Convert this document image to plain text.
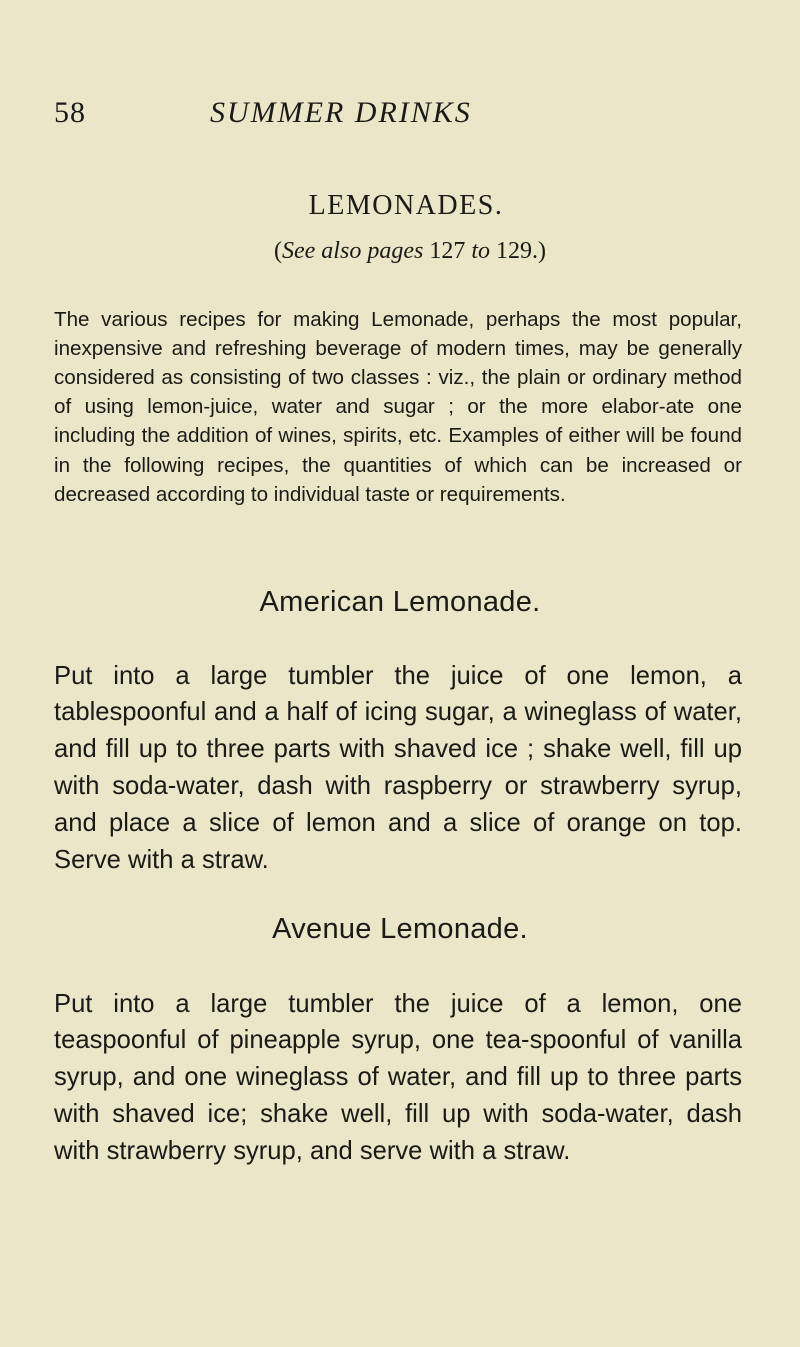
58	SUMMER DRINKS
LEMONADES.
(See also pages 127 to 129.)

The various recipes for making Lemonade, perhaps the most popular, inexpensive and refreshing beverage of modern times, may be generally considered as consisting of two classes : viz., the plain or ordinary method of using lemon-juice, water and sugar ; or the more elabor-ate one including the addition of wines, spirits, etc. Examples of either will be found in the following recipes, the quantities of which can be increased or decreased according to individual taste or requirements.

American Lemonade.

Put into a large tumbler the juice of one lemon, a tablespoonful and a half of icing sugar, a wineglass of water, and fill up to three parts with shaved ice ; shake well, fill up with soda-water, dash with raspberry or strawberry syrup, and place a slice of lemon and a slice of orange on top. Serve with a straw.

Avenue Lemonade.

Put into a large tumbler the juice of a lemon, one teaspoonful of pineapple syrup, one tea-spoonful of vanilla syrup, and one wineglass of water, and fill up to three parts with shaved ice; shake well, fill up with soda-water, dash with strawberry syrup, and serve with a straw.
